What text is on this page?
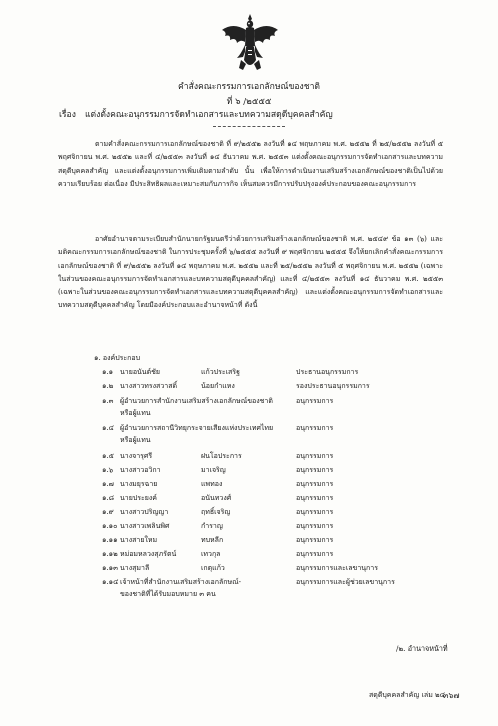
คำสั่งคณะกรรมการเอกลักษณ์ของชาติ
ที่ ๖ /๒๕๕๕
เรื่อง แต่งตั้งคณะอนุกรรมการจัดทำเอกสารและบทความสดุดีบุคคลสำคัญ
ตามคำสั่งคณะกรรมการเอกลักษณ์ของชาติ ที่ ๙/๒๕๕๒ ลงวันที่ ๑๔ พฤษภาคม พ.ศ. ๒๕๕๒ ที่ ๒๕/๒๕๕๒ ลงวันที่ ๕ พฤศจิกายน พ.ศ. ๒๕๕๒ และที่ ๔/๒๕๕๓ ลงวันที่ ๑๔ ธันวาคม พ.ศ. ๒๕๕๓ แต่งตั้งคณะอนุกรรมการจัดทำเอกสารและบทความสดุดีบุคคลสำคัญ และแต่งตั้งอนุกรรมการเพิ่มเติมตามลำดับ นั้น เพื่อให้การดำเนินงานเสริมสร้างเอกลักษณ์ของชาติเป็นไปด้วยความเรียบร้อย ต่อเนื่อง มีประสิทธิผลและเหมาะสมกับภารกิจ เห็นสมควรมีการปรับปรุงองค์ประกอบของคณะอนุกรรมการ
อาศัยอำนาจตามระเบียบสำนักนายกรัฐมนตรีว่าด้วยการเสริมสร้างเอกลักษณ์ของชาติ พ.ศ. ๒๕๔๙ ข้อ ๑๓ (๖) และมติคณะกรรมการเอกลักษณ์ของชาติ ในการประชุมครั้งที่ ๖/๒๕๕๕ ลงวันที่ ๙ พฤศจิกายน ๒๕๕๕ จึงให้ยกเลิกคำสั่งคณะกรรมการเอกลักษณ์ของชาติ ที่ ๙/๒๕๕๒ ลงวันที่ ๑๔ พฤษภาคม พ.ศ. ๒๕๕๒ และที่ ๒๕/๒๕๕๒ ลงวันที่ ๕ พฤศจิกายน พ.ศ. ๒๕๕๒ (เฉพาะในส่วนของคณะอนุกรรมการจัดทำเอกสารและบทความสดุดีบุคคลสำคัญ) และที่ ๔/๒๕๕๓ ลงวันที่ ๑๔ ธันวาคม พ.ศ. ๒๕๕๓ (เฉพาะในส่วนของคณะอนุกรรมการจัดทำเอกสารและบทความสดุดีบุคคลสำคัญ) และแต่งตั้งคณะอนุกรรมการจัดทำเอกสารและบทความสดุดีบุคคลสำคัญ โดยมีองค์ประกอบและอำนาจหน้าที่ ดังนี้
๑. องค์ประกอบ
๑.๑ นายอนันต์ชัย	แก้วประเสริฐ	ประธานอนุกรรมการ
๑.๒ นางสาวทรงสวาสดิ์	น้อยกำแหง	รองประธานอนุกรรมการ
๑.๓ ผู้อำนวยการสำนักงานเสริมสร้างเอกลักษณ์ของชาติ	อนุกรรมการ
หรือผู้แทน
๑.๔ ผู้อำนวยการสถานีวิทยุกระจายเสียงแห่งประเทศไทย	อนุกรรมการ
หรือผู้แทน
๑.๕ นางจารุศรี	ฝนโอประการ	อนุกรรมการ
๑.๖ นางสาวอวิกา	มาเจริญ	อนุกรรมการ
๑.๗ นางมยุรฉาย	แพทอง	อนุกรรมการ
๑.๘ นายประยงค์	อนันทวงศ์	อนุกรรมการ
๑.๙ นางสาวปริญญา	ฤทธิ์เจริญ	อนุกรรมการ
๑.๑๐ นางสาวเพลินพิศ	กำราญ	อนุกรรมการ
๑.๑๑ นางสายใหม	ทบหลีก	อนุกรรมการ
๑.๑๒ หม่อมหลวงสุภรัตน์	เทวกุล	อนุกรรมการ
๑.๑๓ นางสุมาลี	เกตุแก้ว	อนุกรรมการและเลขานุการ
๑.๑๔ เจ้าหน้าที่สำนักงานเสริมสร้างเอกลักษณ์-	อนุกรรมการและผู้ช่วยเลขานุการ
ของชาติที่ได้รับมอบหมาย ๓ คน
/๒. อำนาจหน้าที่
สดุดีบุคคลสำคัญ เล่ม ๒๔
๓๖๗
